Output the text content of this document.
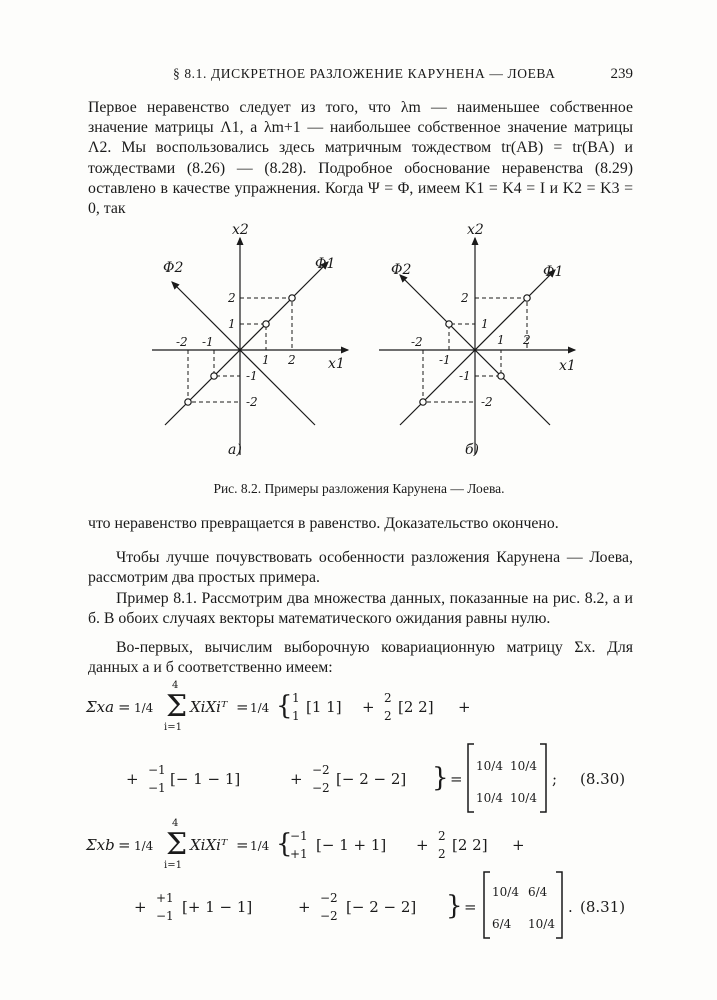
§ 8.1. ДИСКРЕТНОЕ РАЗЛОЖЕНИЕ КАРУНЕНА — ЛОЕВА	239

Первое неравенство следует из того, что λm — наименьшее собственное значение матрицы Λ1, а λm+1 — наибольшее собственное значение матрицы Λ2. Мы воспользовались здесь матричным тождеством tr(AB) = tr(BA) и тождествами (8.26) — (8.28). Подробное обоснование неравенства (8.29) оставлено в качестве упражнения. Когда Ψ = Φ, имеем K1 = K4 = I и K2 = K3 = 0, так

1 2
-1
-2
1
2
-1
-2
x1
x2
Φ1
Φ2
а)
1 2
-1
-2
1
2
-1
-2
x1
x2
Φ1
Φ2
б)
Рис. 8.2. Примеры разложения Карунена — Лоева.

что неравенство превращается в равенство. Доказательство окончено.

Чтобы лучше почувствовать особенности разложения Карунена — Лоева, рассмотрим два простых примера.

Пример 8.1. Рассмотрим два множества данных, показанные на рис. 8.2, а и б. В обоих случаях векторы математического ожидания равны нулю.

Во-первых, вычислим выборочную ковариационную матрицу Σx. Для данных а и б соответственно имеем:

Σxa = 1/4 Σ
4
i=1
XiXiᵀ = 1/4 { 1
1 [1 1] + 2
2 [2 2] +
+ −1
−1 [− 1 − 1]	+ −2
−2 [− 2 − 2] } =
10/4 10/4
10/4 10/4
; (8.30)
Σxb = 1/4 Σ
4
i=1
XiXiᵀ = 1/4 {
−1
+1 [− 1 + 1] + 2
2 [2 2] +
+ +1
−1 [+ 1 − 1]	+ −2
−2 [− 2 − 2] } =
10/4 6/4
6/4 10/4
. (8.31)
